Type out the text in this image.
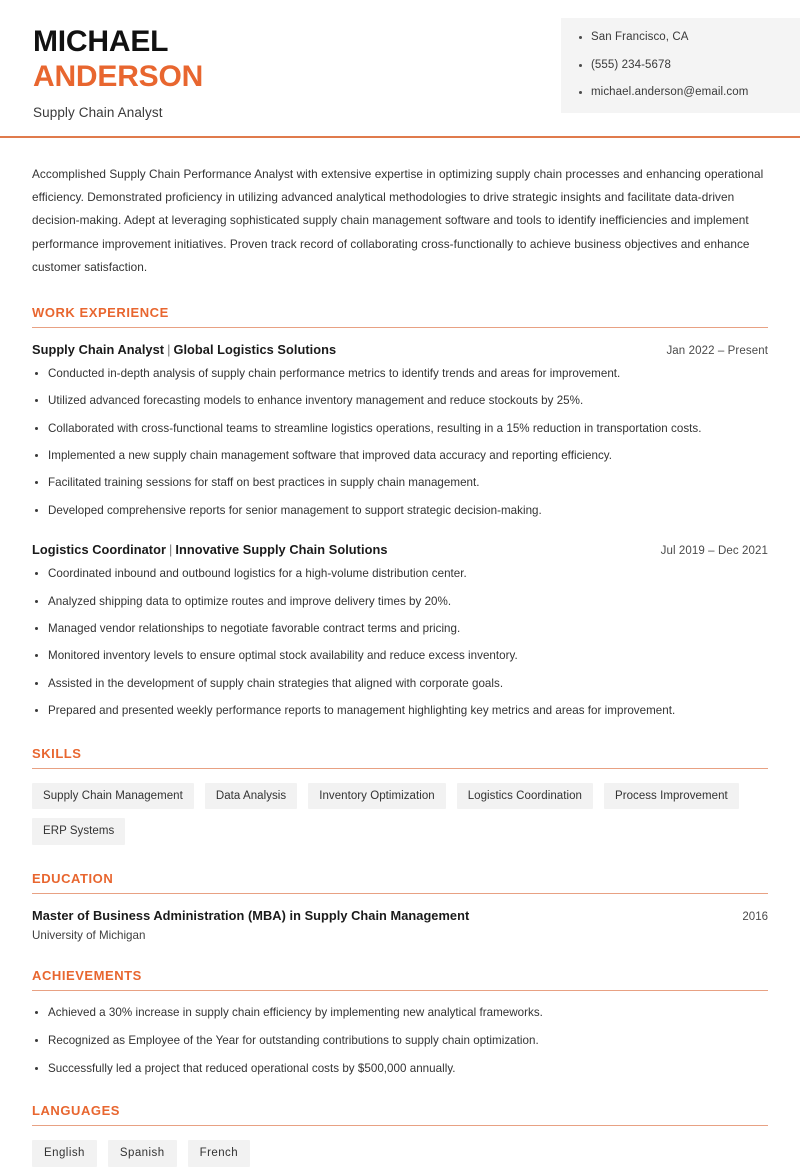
MICHAEL
ANDERSON
Supply Chain Analyst
San Francisco, CA
(555) 234-5678
michael.anderson@email.com

Accomplished Supply Chain Performance Analyst with extensive expertise in optimizing supply chain processes and enhancing operational efficiency. Demonstrated proficiency in utilizing advanced analytical methodologies to drive strategic insights and facilitate data-driven decision-making. Adept at leveraging sophisticated supply chain management software and tools to identify inefficiencies and implement performance improvement initiatives. Proven track record of collaborating cross-functionally to achieve business objectives and enhance customer satisfaction.

WORK EXPERIENCE
Supply Chain Analyst | Global Logistics Solutions	Jan 2022 – Present
Conducted in-depth analysis of supply chain performance metrics to identify trends and areas for improvement.
Utilized advanced forecasting models to enhance inventory management and reduce stockouts by 25%.
Collaborated with cross-functional teams to streamline logistics operations, resulting in a 15% reduction in transportation costs.
Implemented a new supply chain management software that improved data accuracy and reporting efficiency.
Facilitated training sessions for staff on best practices in supply chain management.
Developed comprehensive reports for senior management to support strategic decision-making.
Logistics Coordinator | Innovative Supply Chain Solutions	Jul 2019 – Dec 2021
Coordinated inbound and outbound logistics for a high-volume distribution center.
Analyzed shipping data to optimize routes and improve delivery times by 20%.
Managed vendor relationships to negotiate favorable contract terms and pricing.
Monitored inventory levels to ensure optimal stock availability and reduce excess inventory.
Assisted in the development of supply chain strategies that aligned with corporate goals.
Prepared and presented weekly performance reports to management highlighting key metrics and areas for improvement.
SKILLS
Supply Chain Management	Data Analysis	Inventory Optimization	Logistics Coordination	Process Improvement
ERP Systems
EDUCATION
Master of Business Administration (MBA) in Supply Chain Management	2016
University of Michigan
ACHIEVEMENTS
Achieved a 30% increase in supply chain efficiency by implementing new analytical frameworks.
Recognized as Employee of the Year for outstanding contributions to supply chain optimization.
Successfully led a project that reduced operational costs by $500,000 annually.
LANGUAGES
English	Spanish	French
